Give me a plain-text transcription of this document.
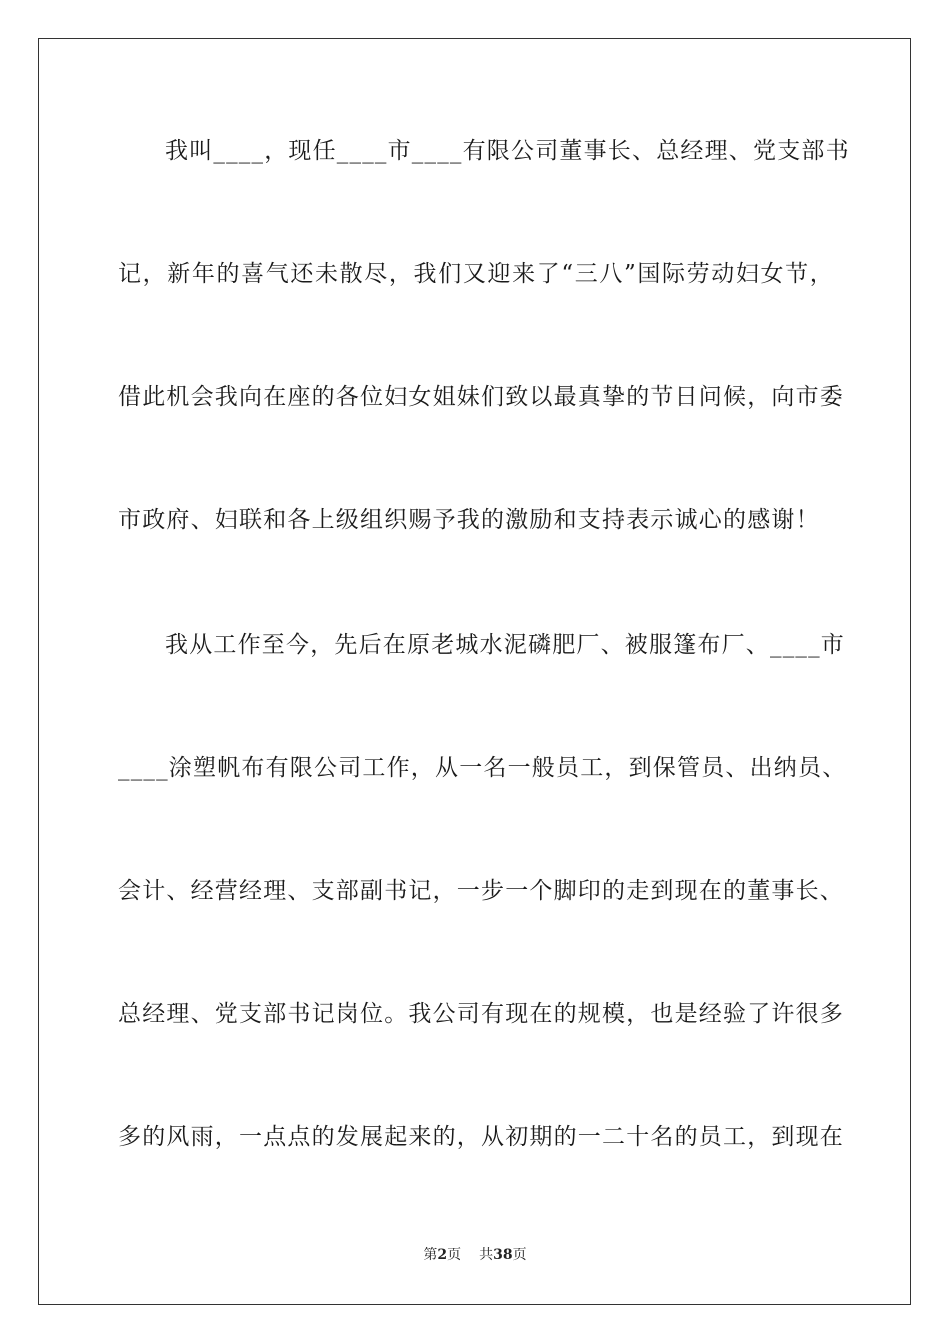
我叫____，现任____市____有限公司董事长、总经理、党支部书
记，新年的喜气还未散尽，我们又迎来了“三八”国际劳动妇女节，
借此机会我向在座的各位妇女姐妹们致以最真挚的节日问候，向市委
市政府、妇联和各上级组织赐予我的激励和支持表示诚心的感谢！
我从工作至今，先后在原老城水泥磷肥厂、被服篷布厂、____市
____涂塑帆布有限公司工作，从一名一般员工，到保管员、出纳员、
会计、经营经理、支部副书记，一步一个脚印的走到现在的董事长、
总经理、党支部书记岗位。我公司有现在的规模，也是经验了许很多
多的风雨，一点点的发展起来的，从初期的一二十名的员工，到现在
第2页 共38页
